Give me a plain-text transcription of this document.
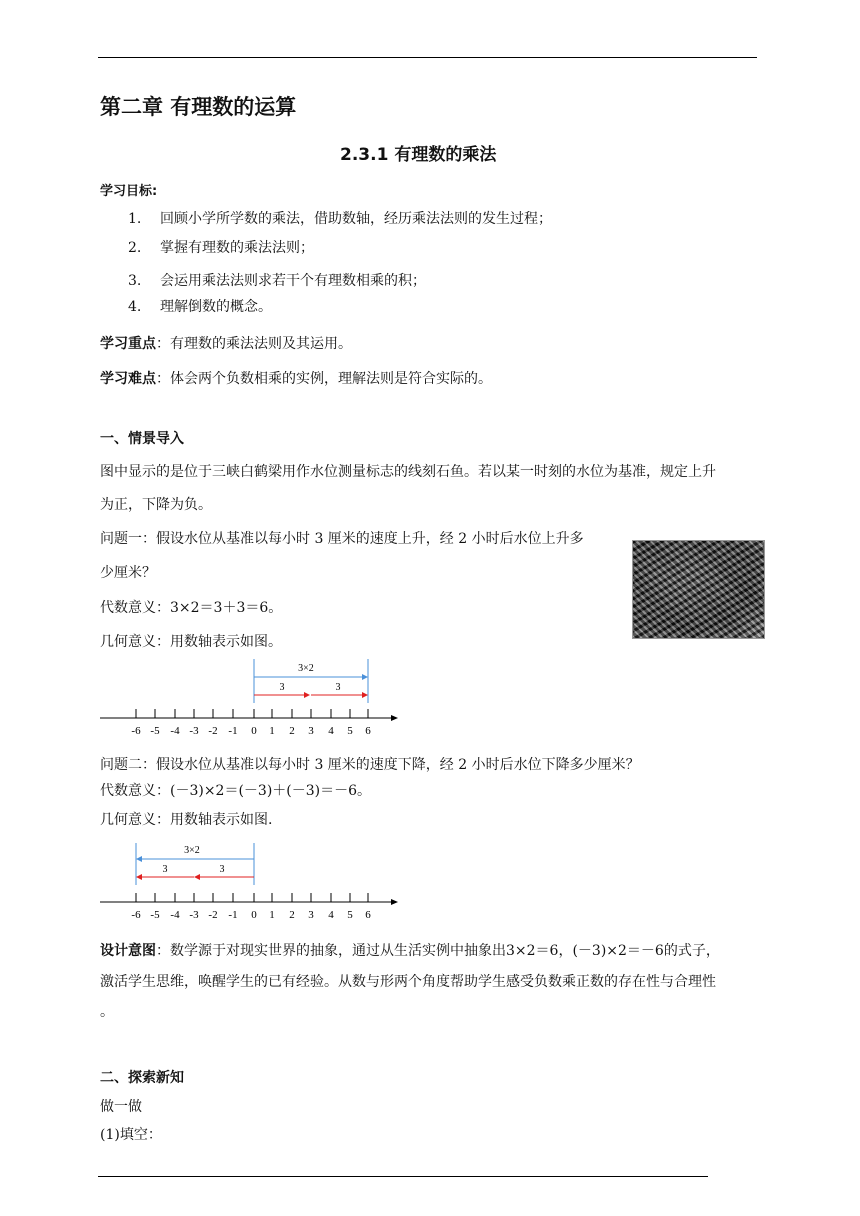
第二章 有理数的运算
2.3.1 有理数的乘法
学习目标:
1. 回顾小学所学数的乘法，借助数轴，经历乘法法则的发生过程；
2. 掌握有理数的乘法法则；
3. 会运用乘法法则求若干个有理数相乘的积；
4. 理解倒数的概念。
学习重点：有理数的乘法法则及其运用。
学习难点：体会两个负数相乘的实例，理解法则是符合实际的。
一、情景导入
图中显示的是位于三峡白鹤梁用作水位测量标志的线刻石鱼。若以某一时刻的水位为基准，规定上升
为正，下降为负。
问题一：假设水位从基准以每小时 3 厘米的速度上升，经 2 小时后水位上升多
少厘米？
代数意义：3×2＝3＋3＝6。
几何意义：用数轴表示如图。
3×2
3	3
-6 -5 -4 -3 -2 -1 0 1 2 3 4 5 6
问题二：假设水位从基准以每小时 3 厘米的速度下降，经 2 小时后水位下降多少厘米？
代数意义：(－3)×2＝(－3)＋(－3)＝－6。
几何意义：用数轴表示如图.
3×2
3	3
-6 -5 -4 -3 -2 -1 0 1 2 3 4 5 6
设计意图：数学源于对现实世界的抽象，通过从生活实例中抽象出3×2＝6，(－3)×2＝－6的式子，
激活学生思维，唤醒学生的已有经验。从数与形两个角度帮助学生感受负数乘正数的存在性与合理性
。
二、探索新知
做一做
(1)填空：
